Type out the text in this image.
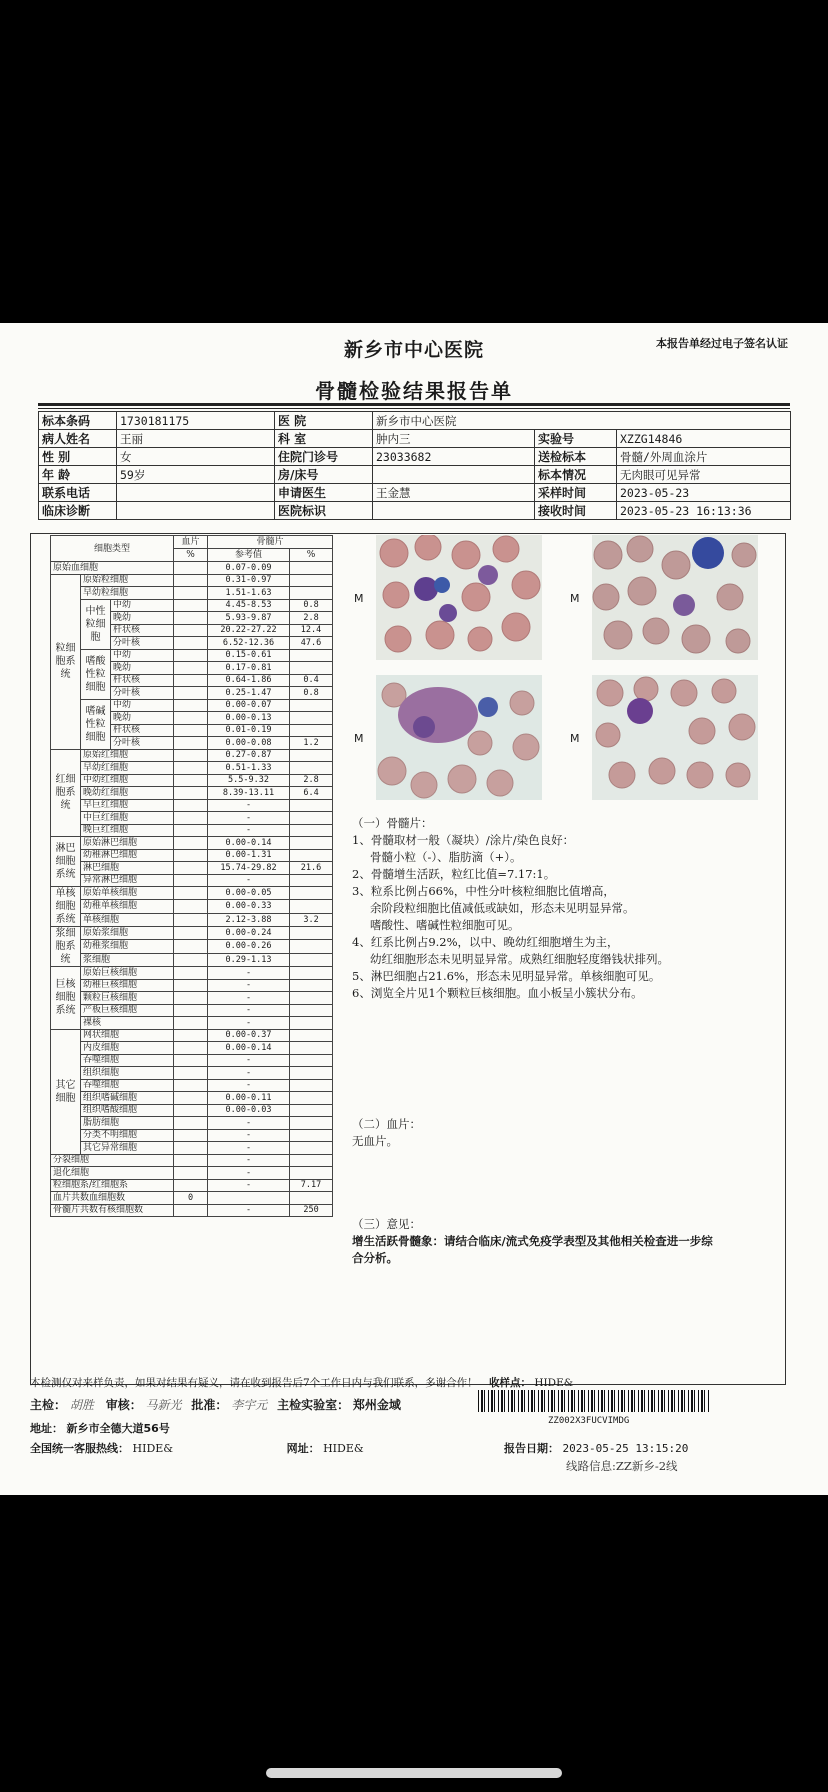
新乡市中心医院	本报告单经过电子签名认证
骨髓检验结果报告单
标本条码	1730181175	医 院	新乡市中心医院		
病人姓名	王丽	科 室	肿内三	实验号	XZZG14846
性 别	女	住院门诊号	23033682	送检标本	骨髓/外周血涂片
年 龄	59岁	房/床号		标本情况	无肉眼可见异常
联系电话		申请医生	王金慧	采样时间	2023-05-23
临床诊断		医院标识		接收时间	2023-05-23 16:13:36
细胞类型			血片	骨髓片	
			%	参考值	%
原始血细胞				0.07-0.09	
粒细胞系统	原始粒细胞			0.31-0.97	
	早幼粒细胞			1.51-1.63	
	中性粒细胞	中幼		4.45-8.53	0.8
		晚幼		5.93-9.87	2.8
		杆状核		20.22-27.22	12.4
		分叶核		6.52-12.36	47.6
	嗜酸性粒细胞	中幼		0.15-0.61	
		晚幼		0.17-0.81	
		杆状核		0.64-1.86	0.4
		分叶核		0.25-1.47	0.8
	嗜碱性粒细胞	中幼		0.00-0.07	
		晚幼		0.00-0.13	
		杆状核		0.01-0.19	
		分叶核		0.00-0.08	1.2
红细胞系统	原始红细胞			0.27-0.87	
	早幼红细胞			0.51-1.33	
	中幼红细胞			5.5-9.32	2.8
	晚幼红细胞			8.39-13.11	6.4
	早巨红细胞			-	
	中巨红细胞			-	
	晚巨红细胞			-	
淋巴细胞系统	原始淋巴细胞			0.00-0.14	
	幼稚淋巴细胞			0.00-1.31	
	淋巴细胞			15.74-29.82	21.6
	异常淋巴细胞			-	
单核细胞系统	原始单核细胞			0.00-0.05	
	幼稚单核细胞			0.00-0.33	
	单核细胞			2.12-3.88	3.2
浆细胞系统	原始浆细胞			0.00-0.24	
	幼稚浆细胞			0.00-0.26	
	浆细胞			0.29-1.13	
巨核细胞系统	原始巨核细胞			-	
	幼稚巨核细胞			-	
	颗粒巨核细胞			-	
	产板巨核细胞			-	
	裸核			-	
其它细胞	网状细胞			0.00-0.37	
	内皮细胞			0.00-0.14	
	吞噬细胞			-	
	组织细胞			-	
	吞噬细胞			-	
	组织嗜碱细胞			0.00-0.11	
	组织嗜酸细胞			0.00-0.03	
	脂肪细胞			-	
	分类不明细胞			-	
	其它异常细胞			-	
分裂细胞				-	
退化细胞				-	
粒细胞系/红细胞系				-	7.17
血片共数血细胞数			0		
骨髓片共数有核细胞数				-	250
M	M
M	M
（一）骨髓片：
1、骨髓取材一般（凝块）/涂片/染色良好：
骨髓小粒（-）、脂肪滴（+）。
2、骨髓增生活跃，粒红比值=7.17:1。
3、粒系比例占66%，中性分叶核粒细胞比值增高，
余阶段粒细胞比值减低或缺如，形态未见明显异常。
嗜酸性、嗜碱性粒细胞可见。
4、红系比例占9.2%，以中、晚幼红细胞增生为主，
幼红细胞形态未见明显异常。成熟红细胞轻度缗钱状排列。
5、淋巴细胞占21.6%，形态未见明显异常。单核细胞可见。
6、浏览全片见1个颗粒巨核细胞。血小板呈小簇状分布。
（二）血片：
无血片。
（三）意见：
增生活跃骨髓象：请结合临床/流式免疫学表型及其他相关检查进一步综
合分析。
本检测仅对来样负责，如果对结果有疑义，请在收到报告后7个工作日内与我们联系，多谢合作！ 收样点： HIDE&
主检： 胡胜 审核： 马新光 批准： 李宇元 主检实验室： 郑州金域
地址： 新乡市全德大道56号
全国统一客服热线： HIDE&	网址： HIDE&
ZZ002X3FUCVIMDG
报告日期： 2023-05-25 13:15:20
线路信息:ZZ新乡-2线
